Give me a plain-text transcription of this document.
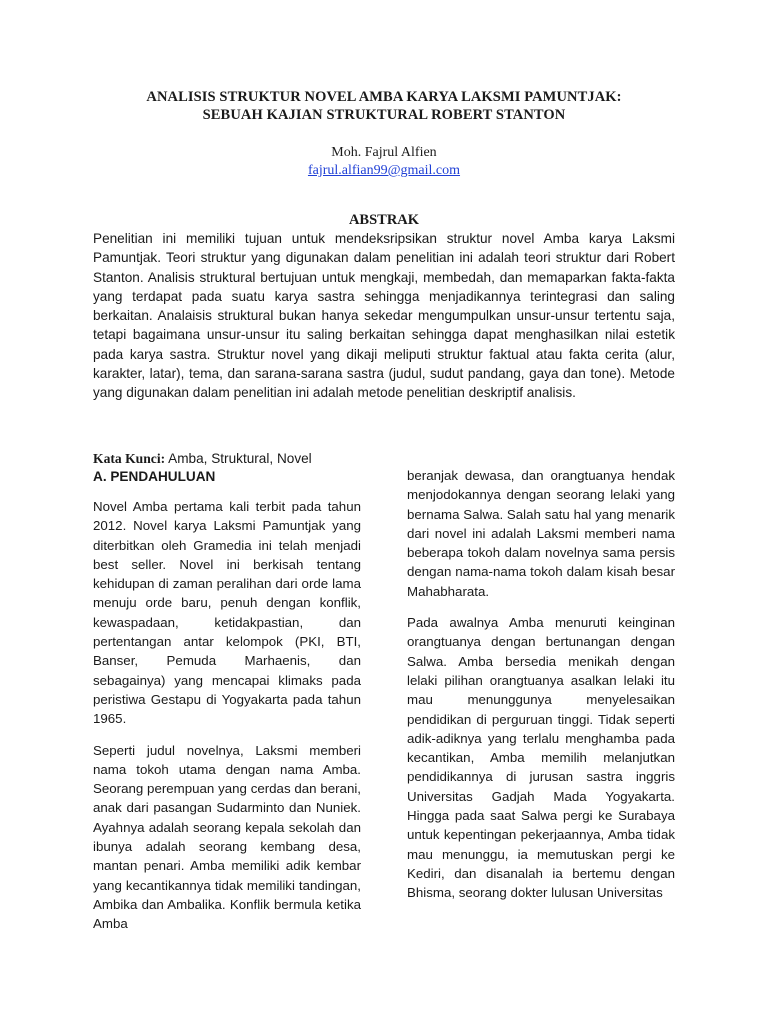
ANALISIS STRUKTUR NOVEL AMBA KARYA LAKSMI PAMUNTJAK:
SEBUAH KAJIAN STRUKTURAL ROBERT STANTON
Moh. Fajrul Alfien
fajrul.alfian99@gmail.com
ABSTRAK
Penelitian ini memiliki tujuan untuk mendeksripsikan struktur novel Amba karya Laksmi Pamuntjak. Teori struktur yang digunakan dalam penelitian ini adalah teori struktur dari Robert Stanton. Analisis struktural bertujuan untuk mengkaji, membedah, dan memaparkan fakta-fakta yang terdapat pada suatu karya sastra sehingga menjadikannya terintegrasi dan saling berkaitan. Analaisis struktural bukan hanya sekedar mengumpulkan unsur-unsur tertentu saja, tetapi bagaimana unsur-unsur itu saling berkaitan sehingga dapat menghasilkan nilai estetik pada karya sastra. Struktur novel yang dikaji meliputi struktur faktual atau fakta cerita (alur, karakter, latar), tema, dan sarana-sarana sastra (judul, sudut pandang, gaya dan tone). Metode yang digunakan dalam penelitian ini adalah metode penelitian deskriptif analisis.
Kata Kunci: Amba, Struktural, Novel
A. PENDAHULUAN

Novel Amba pertama kali terbit pada tahun 2012. Novel karya Laksmi Pamuntjak yang diterbitkan oleh Gramedia ini telah menjadi best seller. Novel ini berkisah tentang kehidupan di zaman peralihan dari orde lama menuju orde baru, penuh dengan konflik, kewaspadaan, ketidakpastian, dan pertentangan antar kelompok (PKI, BTI, Banser, Pemuda Marhaenis, dan sebagainya) yang mencapai klimaks pada peristiwa Gestapu di Yogyakarta pada tahun 1965.

Seperti judul novelnya, Laksmi memberi nama tokoh utama dengan nama Amba. Seorang perempuan yang cerdas dan berani, anak dari pasangan Sudarminto dan Nuniek. Ayahnya adalah seorang kepala sekolah dan ibunya adalah seorang kembang desa, mantan penari. Amba memiliki adik kembar yang kecantikannya tidak memiliki tandingan, Ambika dan Ambalika. Konflik bermula ketika Amba

beranjak dewasa, dan orangtuanya hendak menjodokannya dengan seorang lelaki yang bernama Salwa. Salah satu hal yang menarik dari novel ini adalah Laksmi memberi nama beberapa tokoh dalam novelnya sama persis dengan nama-nama tokoh dalam kisah besar Mahabharata.

Pada awalnya Amba menuruti keinginan orangtuanya dengan bertunangan dengan Salwa. Amba bersedia menikah dengan lelaki pilihan orangtuanya asalkan lelaki itu mau menunggunya menyelesaikan pendidikan di perguruan tinggi. Tidak seperti adik-adiknya yang terlalu menghamba pada kecantikan, Amba memilih melanjutkan pendidikannya di jurusan sastra inggris Universitas Gadjah Mada Yogyakarta. Hingga pada saat Salwa pergi ke Surabaya untuk kepentingan pekerjaannya, Amba tidak mau menunggu, ia memutuskan pergi ke Kediri, dan disanalah ia bertemu dengan Bhisma, seorang dokter lulusan Universitas
